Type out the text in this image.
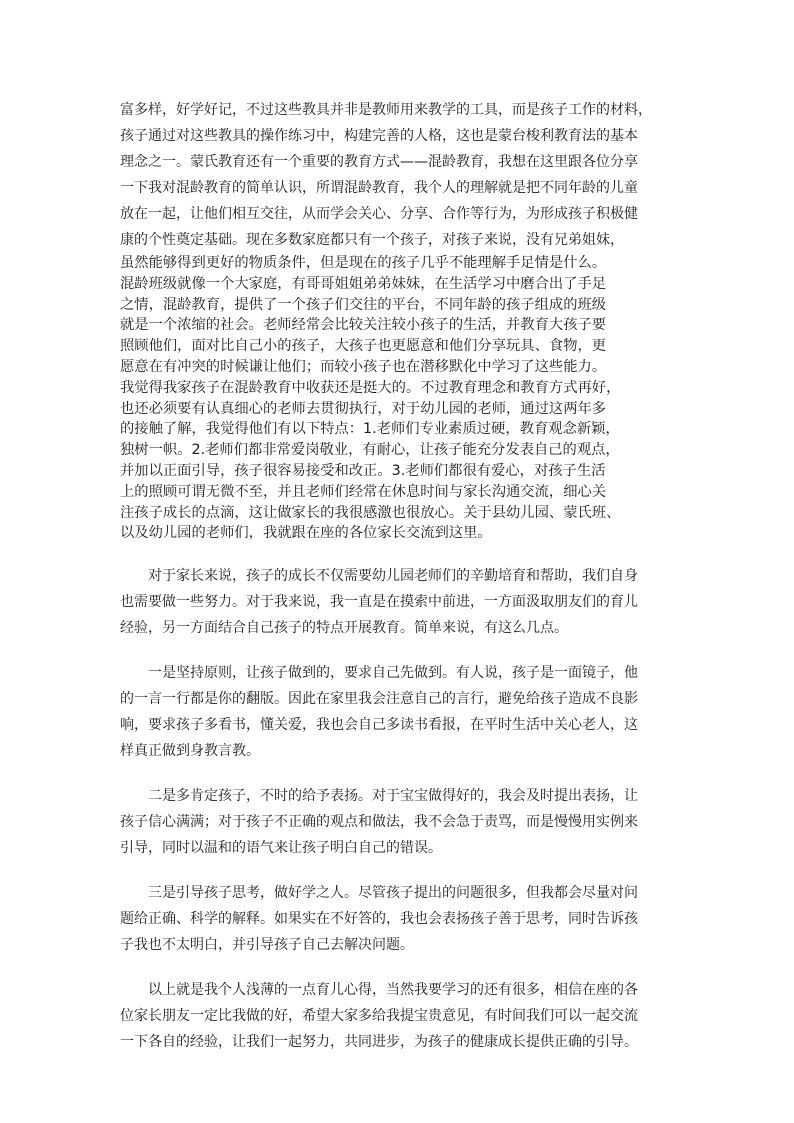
富多样，好学好记，不过这些教具并非是教师用来教学的工具，而是孩子工作的材料，
孩子通过对这些教具的操作练习中，构建完善的人格，这也是蒙台梭利教育法的基本
理念之一。蒙氏教育还有一个重要的教育方式——混龄教育，我想在这里跟各位分享
一下我对混龄教育的简单认识，所谓混龄教育，我个人的理解就是把不同年龄的儿童
放在一起，让他们相互交往，从而学会关心、分享、合作等行为，为形成孩子积极健
康的个性奠定基础。现在多数家庭都只有一个孩子，对孩子来说，没有兄弟姐妹，
虽然能够得到更好的物质条件，但是现在的孩子几乎不能理解手足情是什么。
混龄班级就像一个大家庭，有哥哥姐姐弟弟妹妹，在生活学习中磨合出了手足
之情，混龄教育，提供了一个孩子们交往的平台，不同年龄的孩子组成的班级
就是一个浓缩的社会。老师经常会比较关注较小孩子的生活，并教育大孩子要
照顾他们，面对比自己小的孩子，大孩子也更愿意和他们分享玩具、食物，更
愿意在有冲突的时候谦让他们；而较小孩子也在潜移默化中学习了这些能力。
我觉得我家孩子在混龄教育中收获还是挺大的。不过教育理念和教育方式再好，
也还必须要有认真细心的老师去贯彻执行，对于幼儿园的老师，通过这两年多
的接触了解，我觉得他们有以下特点：1.老师们专业素质过硬，教育观念新颖，
独树一帜。2.老师们都非常爱岗敬业，有耐心，让孩子能充分发表自己的观点，
并加以正面引导，孩子很容易接受和改正。3.老师们都很有爱心，对孩子生活
上的照顾可谓无微不至，并且老师们经常在休息时间与家长沟通交流，细心关
注孩子成长的点滴，这让做家长的我很感激也很放心。关于县幼儿园、蒙氏班、
以及幼儿园的老师们，我就跟在座的各位家长交流到这里。
对于家长来说，孩子的成长不仅需要幼儿园老师们的辛勤培育和帮助，我们自身
也需要做一些努力。对于我来说，我一直是在摸索中前进，一方面汲取朋友们的育儿
经验，另一方面结合自己孩子的特点开展教育。简单来说，有这么几点。
一是坚持原则，让孩子做到的，要求自己先做到。有人说，孩子是一面镜子，他
的一言一行都是你的翻版。因此在家里我会注意自己的言行，避免给孩子造成不良影
响，要求孩子多看书，懂关爱，我也会自己多读书看报，在平时生活中关心老人，这
样真正做到身教言教。
二是多肯定孩子，不时的给予表扬。对于宝宝做得好的，我会及时提出表扬，让
孩子信心满满；对于孩子不正确的观点和做法，我不会急于责骂，而是慢慢用实例来
引导，同时以温和的语气来让孩子明白自己的错误。
三是引导孩子思考，做好学之人。尽管孩子提出的问题很多，但我都会尽量对问
题给正确、科学的解释。如果实在不好答的，我也会表扬孩子善于思考，同时告诉孩
子我也不太明白，并引导孩子自己去解决问题。
以上就是我个人浅薄的一点育儿心得，当然我要学习的还有很多，相信在座的各
位家长朋友一定比我做的好，希望大家多给我提宝贵意见，有时间我们可以一起交流
一下各自的经验，让我们一起努力，共同进步，为孩子的健康成长提供正确的引导。
